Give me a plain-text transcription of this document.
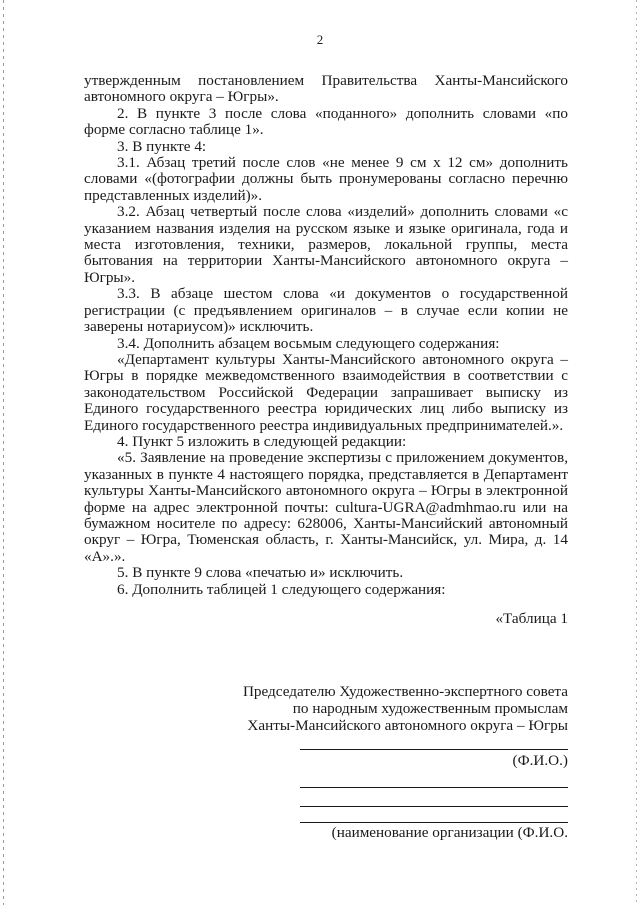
2

утвержденным постановлением Правительства Ханты-Мансийского автономного округа – Югры».

2. В пункте 3 после слова «поданного» дополнить словами «по форме согласно таблице 1».

3. В пункте 4:

3.1. Абзац третий после слов «не менее 9 см х 12 см» дополнить словами «(фотографии должны быть пронумерованы согласно перечню представленных изделий)».

3.2. Абзац четвертый после слова «изделий» дополнить словами «с указанием названия изделия на русском языке и языке оригинала, года и места изготовления, техники, размеров, локальной группы, места бытования на территории Ханты-Мансийского автономного округа – Югры».

3.3. В абзаце шестом слова «и документов о государственной регистрации (с предъявлением оригиналов – в случае если копии не заверены нотариусом)» исключить.

3.4. Дополнить абзацем восьмым следующего содержания:

«Департамент культуры Ханты-Мансийского автономного округа – Югры в порядке межведомственного взаимодействия в соответствии с законодательством Российской Федерации запрашивает выписку из Единого государственного реестра юридических лиц либо выписку из Единого государственного реестра индивидуальных предпринимателей.».

4. Пункт 5 изложить в следующей редакции:

«5. Заявление на проведение экспертизы с приложением документов, указанных в пункте 4 настоящего порядка, представляется в Департамент культуры Ханты-Мансийского автономного округа – Югры в электронной форме на адрес электронной почты: cultura-UGRA@admhmao.ru или на бумажном носителе по адресу: 628006, Ханты-Мансийский автономный округ – Югра, Тюменская область, г. Ханты-Мансийск, ул. Мира, д. 14 «А».».

5. В пункте 9 слова «печатью и» исключить.

6. Дополнить таблицей 1 следующего содержания:

«Таблица 1

Председателю Художественно-экспертного совета
по народным художественным промыслам
Ханты-Мансийского автономного округа – Югры
(Ф.И.О.)
(наименование организации (Ф.И.О.
